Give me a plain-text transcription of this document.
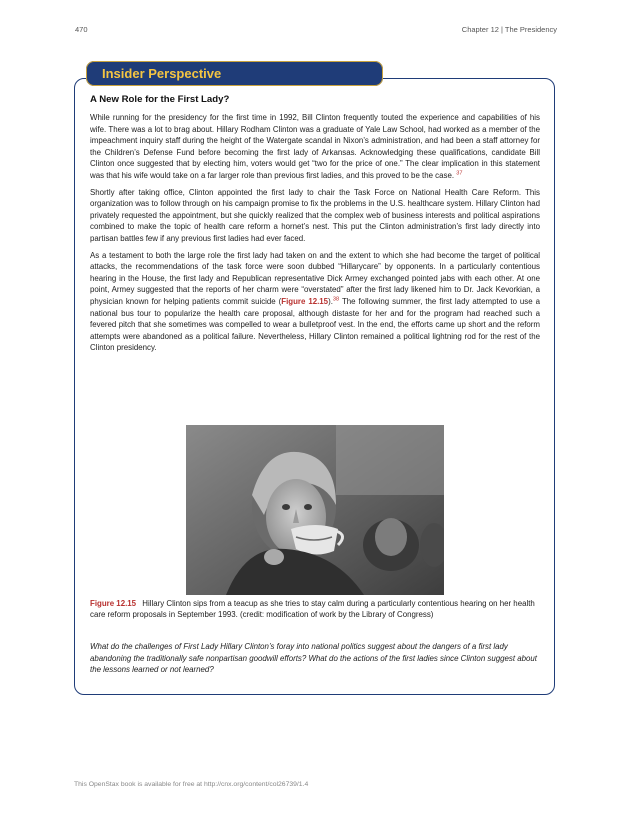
470	Chapter 12 | The Presidency
Insider Perspective
A New Role for the First Lady?

While running for the presidency for the first time in 1992, Bill Clinton frequently touted the experience and capabilities of his wife. There was a lot to brag about. Hillary Rodham Clinton was a graduate of Yale Law School, had worked as a member of the impeachment inquiry staff during the height of the Watergate scandal in Nixon’s administration, and had been a staff attorney for the Children’s Defense Fund before becoming the first lady of Arkansas. Acknowledging these qualifications, candidate Bill Clinton once suggested that by electing him, voters would get “two for the price of one.” The clear implication in this statement was that his wife would take on a far larger role than previous first ladies, and this proved to be the case. $^{37}$

Shortly after taking office, Clinton appointed the first lady to chair the Task Force on National Health Care Reform. This organization was to follow through on his campaign promise to fix the problems in the U.S. healthcare system. Hillary Clinton had privately requested the appointment, but she quickly realized that the complex web of business interests and political aspirations combined to make the topic of health care reform a hornet’s nest. This put the Clinton administration’s first lady directly into partisan battles few if any previous first ladies had ever faced.

As a testament to both the large role the first lady had taken on and the extent to which she had become the target of political attacks, the recommendations of the task force were soon dubbed “Hillarycare” by opponents. In a particularly contentious hearing in the House, the first lady and Republican representative Dick Armey exchanged pointed jabs with each other. At one point, Armey suggested that the reports of her charm were “overstated” after the first lady likened him to Dr. Jack Kevorkian, a physician known for helping patients commit suicide (Figure 12.15).$^{38}$ The following summer, the first lady attempted to use a national bus tour to popularize the health care proposal, although distaste for her and for the program had reached such a fevered pitch that she sometimes was compelled to wear a bulletproof vest. In the end, the efforts came up short and the reform attempts were abandoned as a political failure. Nevertheless, Hillary Clinton remained a political lightning rod for the rest of the Clinton presidency.

Figure 12.15 Hillary Clinton sips from a teacup as she tries to stay calm during a particularly contentious hearing on her health care reform proposals in September 1993. (credit: modification of work by the Library of Congress)
What do the challenges of First Lady Hillary Clinton’s foray into national politics suggest about the dangers of a first lady abandoning the traditionally safe nonpartisan goodwill efforts? What do the actions of the first ladies since Clinton suggest about the lessons learned or not learned?
This OpenStax book is available for free at http://cnx.org/content/col26739/1.4
